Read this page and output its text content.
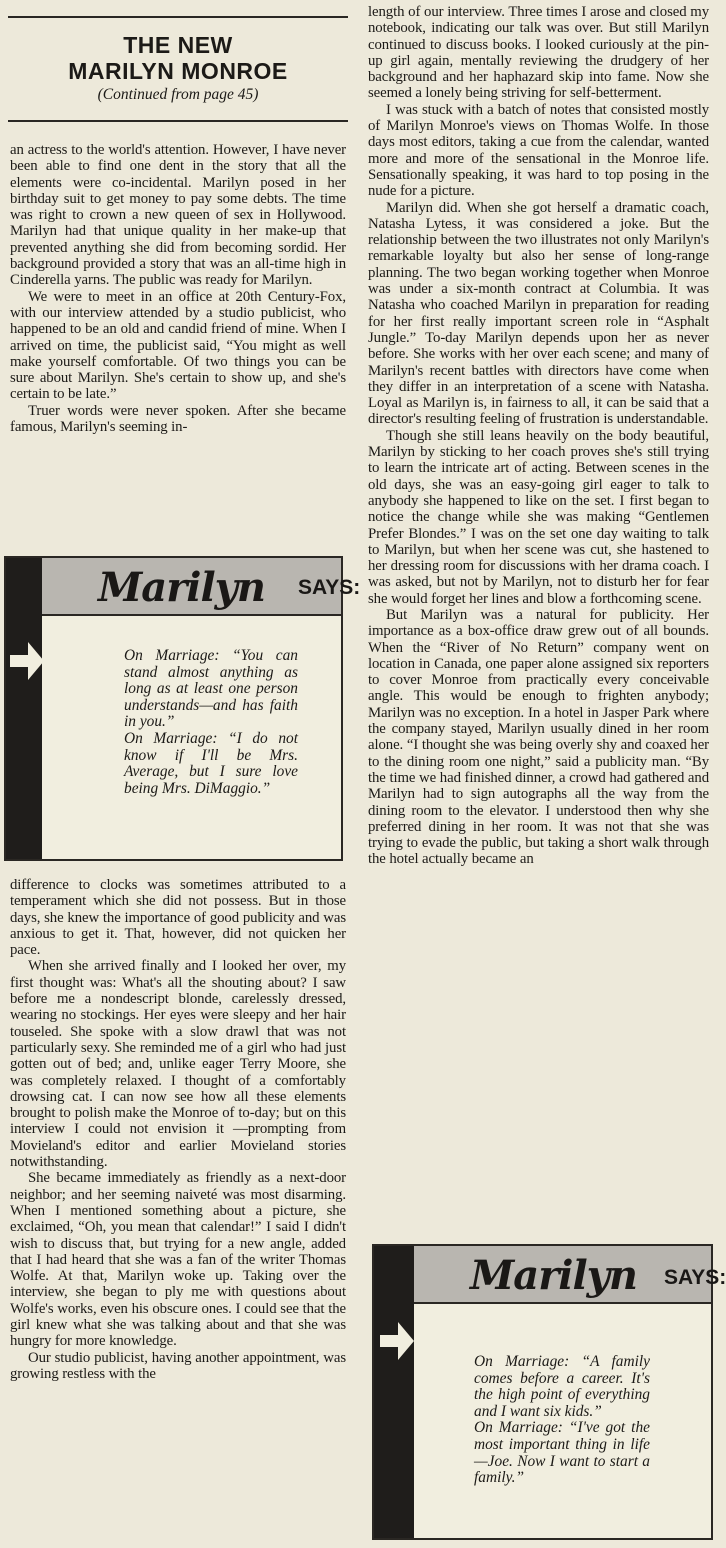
THE NEW
MARILYN MONROE
(Continued from page 45)

an actress to the world's attention. However, I have never been able to find one dent in the story that all the elements were co-incidental. Marilyn posed in her birthday suit to get money to pay some debts. The time was right to crown a new queen of sex in Hollywood. Marilyn had that unique quality in her make-up that prevented anything she did from becoming sordid. Her background provided a story that was an all-time high in Cinderella yarns. The public was ready for Marilyn.

We were to meet in an office at 20th Century-Fox, with our interview attended by a studio publicist, who happened to be an old and candid friend of mine. When I arrived on time, the publicist said, “You might as well make yourself comfortable. Of two things you can be sure about Marilyn. She's certain to show up, and she's certain to be late.”

Truer words were never spoken. After she became famous, Marilyn's seeming in-

Marilyn SAYS:

On Marriage: “You can stand almost anything as long as at least one person understands—and has faith in you.”

On Marriage: “I do not know if I'll be Mrs. Average, but I sure love being Mrs. DiMaggio.”

difference to clocks was sometimes attributed to a temperament which she did not possess. But in those days, she knew the importance of good publicity and was anxious to get it. That, however, did not quicken her pace.

When she arrived finally and I looked her over, my first thought was: What's all the shouting about? I saw before me a nondescript blonde, carelessly dressed, wearing no stockings. Her eyes were sleepy and her hair touseled. She spoke with a slow drawl that was not particularly sexy. She reminded me of a girl who had just gotten out of bed; and, unlike eager Terry Moore, she was completely relaxed. I thought of a comfortably drowsing cat. I can now see how all these elements brought to polish make the Monroe of to-day; but on this interview I could not envision it —prompting from Movieland's editor and earlier Movieland stories notwithstanding.

She became immediately as friendly as a next-door neighbor; and her seeming naiveté was most disarming. When I mentioned something about a picture, she exclaimed, “Oh, you mean that calendar!” I said I didn't wish to discuss that, but trying for a new angle, added that I had heard that she was a fan of the writer Thomas Wolfe. At that, Marilyn woke up. Taking over the interview, she began to ply me with questions about Wolfe's works, even his obscure ones. I could see that the girl knew what she was talking about and that she was hungry for more knowledge.

Our studio publicist, having another appointment, was growing restless with the

length of our interview. Three times I arose and closed my notebook, indicating our talk was over. But still Marilyn continued to discuss books. I looked curiously at the pin-up girl again, mentally reviewing the drudgery of her background and her haphazard skip into fame. Now she seemed a lonely being striving for self-betterment.

I was stuck with a batch of notes that consisted mostly of Marilyn Monroe's views on Thomas Wolfe. In those days most editors, taking a cue from the calendar, wanted more and more of the sensational in the Monroe life. Sensationally speaking, it was hard to top posing in the nude for a picture.

Marilyn did. When she got herself a dramatic coach, Natasha Lytess, it was considered a joke. But the relationship between the two illustrates not only Marilyn's remarkable loyalty but also her sense of long-range planning. The two began working together when Monroe was under a six-month contract at Columbia. It was Natasha who coached Marilyn in preparation for reading for her first really important screen role in “Asphalt Jungle.” To-day Marilyn depends upon her as never before. She works with her over each scene; and many of Marilyn's recent battles with directors have come when they differ in an interpretation of a scene with Natasha. Loyal as Marilyn is, in fairness to all, it can be said that a director's resulting feeling of frustration is understandable.

Though she still leans heavily on the body beautiful, Marilyn by sticking to her coach proves she's still trying to learn the intricate art of acting. Between scenes in the old days, she was an easy-going girl eager to talk to anybody she happened to like on the set. I first began to notice the change while she was making “Gentlemen Prefer Blondes.” I was on the set one day waiting to talk to Marilyn, but when her scene was cut, she hastened to her dressing room for discussions with her drama coach. I was asked, but not by Marilyn, not to disturb her for fear she would forget her lines and blow a forthcoming scene.

But Marilyn was a natural for publicity. Her importance as a box-office draw grew out of all bounds. When the “River of No Return” company went on location in Canada, one paper alone assigned six reporters to cover Monroe from practically every conceivable angle. This would be enough to frighten anybody; Marilyn was no exception. In a hotel in Jasper Park where the company stayed, Marilyn usually dined in her room alone. “I thought she was being overly shy and coaxed her to the dining room one night,” said a publicity man. “By the time we had finished dinner, a crowd had gathered and Marilyn had to sign autographs all the way from the dining room to the elevator. I understood then why she preferred dining in her room. It was not that she was trying to evade the public, but taking a short walk through the hotel actually became an

Marilyn SAYS:

On Marriage: “A family comes before a career. It's the high point of everything and I want six kids.”

On Marriage: “I've got the most important thing in life—Joe. Now I want to start a family.”
